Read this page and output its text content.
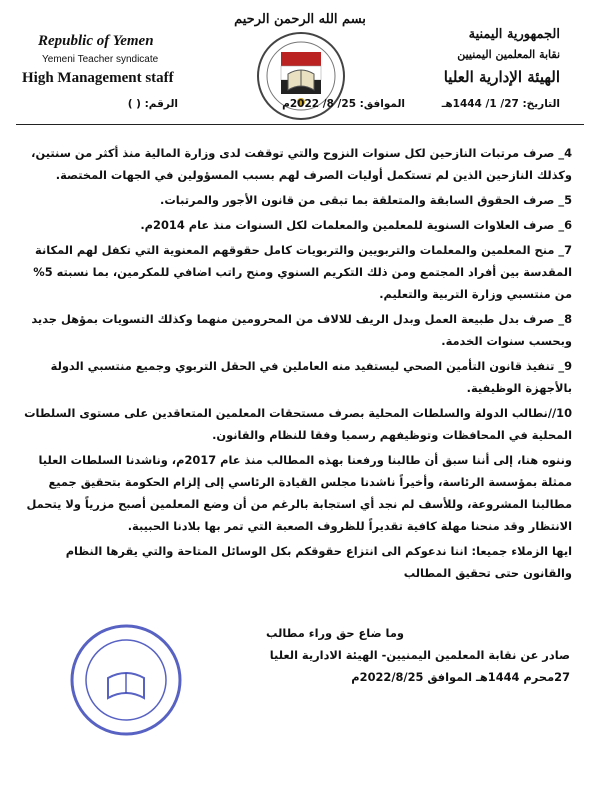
بسم الله الرحمن الرحيم
Republic of Yemen
Yemeni Teacher syndicate
High Management staff
الجمهورية اليمنية
نقابة المعلمين اليمنيين
الهيئة الإدارية العليا
التاريخ: 27/ 1/ 1444هـ
الموافق: 25/ 8/ 2022م
الرقم: ( )

4_ صرف مرتبات النازحين لكل سنوات النزوح والتي توقفت لدى وزارة المالية منذ أكثر من سنتين، وكذلك النازحين الذين لم تستكمل أوليات الصرف لهم بسبب المسؤولين في الجهات المختصة.

5_ صرف الحقوق السابقة والمتعلقة بما تبقى من قانون الأجور والمرتبات.

6_ صرف العلاوات السنوية للمعلمين والمعلمات لكل السنوات منذ عام 2014م.

7_ منح المعلمين والمعلمات والتربويين والتربويات كامل حقوقهم المعنوية التي تكفل لهم المكانة المقدسة بين أفراد المجتمع ومن ذلك التكريم السنوي ومنح راتب اضافي للمكرمين، بما نسبته 5% من منتسبي وزارة التربية والتعليم.

8_ صرف بدل طبيعة العمل وبدل الريف للالاف من المحرومين منهما وكذلك التسويات بمؤهل جديد وبحسب سنوات الخدمة.

9_ تنفيذ قانون التأمين الصحي ليستفيد منه العاملين في الحقل التربوي وجميع منتسبي الدولة بالأجهزة الوظيفية.

10//نطالب الدولة والسلطات المحلية بصرف مستحقات المعلمين المتعاقدين على مستوى السلطات المحلية في المحافظات وتوظيفهم رسميا وفقا للنظام والقانون.

وننوه هنا، إلى أننا سبق أن طالبنا ورفعنا بهذه المطالب منذ عام 2017م، وناشدنا السلطات العليا ممثلة بمؤسسة الرئاسة، وأخيراً ناشدنا مجلس القيادة الرئاسي إلى إلزام الحكومة بتحقيق جميع مطالبنا المشروعة، وللأسف لم نجد أي استجابة بالرغم من أن وضع المعلمين أصبح مزرياً ولا يتحمل الانتظار وقد منحنا مهلة كافية تقديراً للظروف الصعبة التي تمر بها بلادنا الحبيبة.

ايها الزملاء جميعا: اننا ندعوكم الى انتزاع حقوقكم بكل الوسائل المتاحة والتي يقرها النظام والقانون حتى تحقيق المطالب

وما ضاع حق وراء مطالب

صادر عن نقابة المعلمين اليمنيين- الهيئة الادارية العليا

27محرم 1444هـ الموافق 2022/8/25م
